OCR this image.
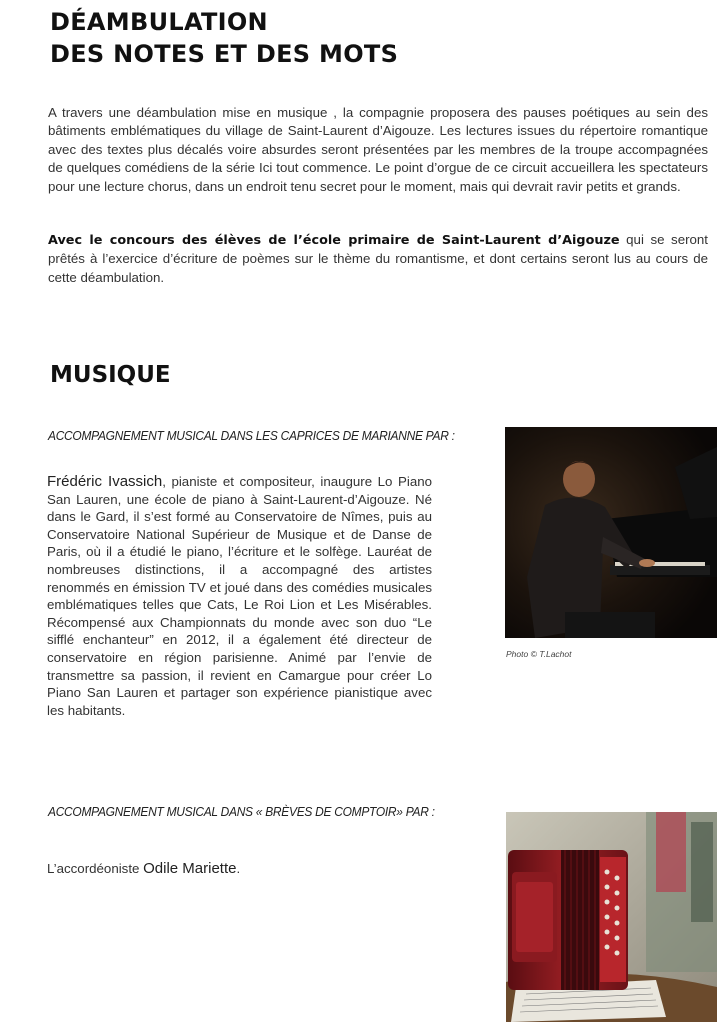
DÉAMBULATION
DES NOTES ET DES MOTS

A travers une déambulation mise en musique , la compagnie proposera des pauses poétiques au sein des bâtiments emblématiques du village de Saint-Laurent d’Aigouze. Les lectures issues du répertoire romantique avec des textes plus décalés voire absurdes seront présentées par les membres de la troupe accompagnées de quelques comédiens de la série Ici tout commence. Le point d’orgue de ce circuit accueillera les spectateurs pour une lecture chorus, dans un endroit tenu secret pour le moment, mais qui devrait ravir petits et grands.

Avec le concours des élèves de l’école primaire de Saint-Laurent d’Aigouze qui se seront prêtés à l’exercice d’écriture de poèmes sur le thème du romantisme, et dont certains seront lus au cours de cette déambulation.

MUSIQUE

ACCOMPAGNEMENT MUSICAL DANS LES CAPRICES DE MARIANNE PAR :

Frédéric Ivassich, pianiste et compositeur, inaugure Lo Piano San Lauren, une école de piano à Saint-Laurent-d’Aigouze. Né dans le Gard, il s’est formé au Conservatoire de Nîmes, puis au Conservatoire National Supérieur de Musique et de Danse de Paris, où il a étudié le piano, l’écriture et le solfège. Lauréat de nombreuses distinctions, il a accompagné des artistes renommés en émission TV et joué dans des comédies musicales emblématiques telles que Cats, Le Roi Lion et Les Misérables. Récompensé aux Championnats du monde avec son duo “Le sifflé enchanteur” en 2012, il a également été directeur de conservatoire en région parisienne. Animé par l’envie de transmettre sa passion, il revient en Camargue pour créer Lo Piano San Lauren et partager son expérience pianistique avec les habitants.

Photo © T.Lachot

ACCOMPAGNEMENT MUSICAL DANS « BRÈVES DE COMPTOIR» PAR :

L’accordéoniste Odile Mariette.
